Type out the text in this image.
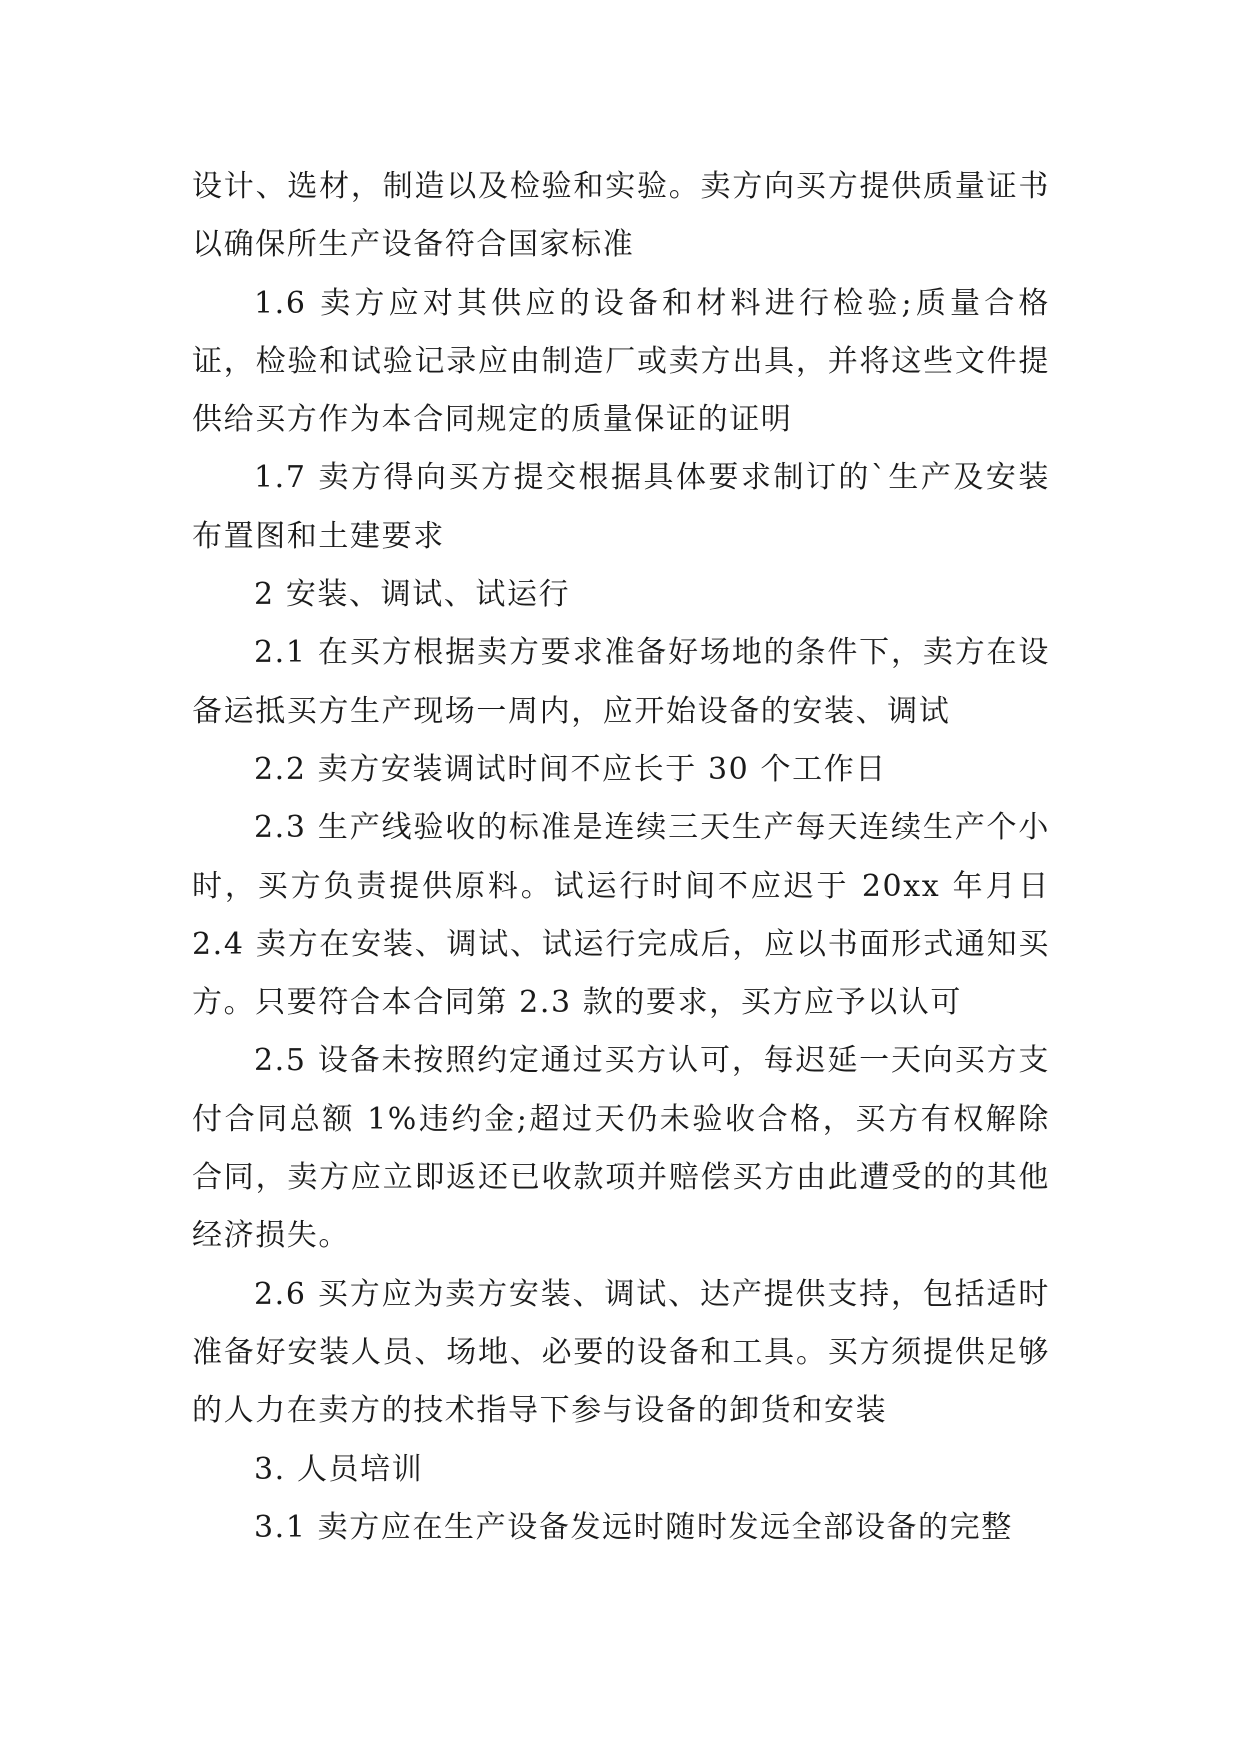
设计、选材，制造以及检验和实验。卖方向买方提供质量证书以确保所生产设备符合国家标准

1.6 卖方应对其供应的设备和材料进行检验;质量合格证，检验和试验记录应由制造厂或卖方出具，并将这些文件提供给买方作为本合同规定的质量保证的证明

1.7 卖方得向买方提交根据具体要求制订的`生产及安装布置图和土建要求

2 安装、调试、试运行

2.1 在买方根据卖方要求准备好场地的条件下，卖方在设备运抵买方生产现场一周内，应开始设备的安装、调试

2.2 卖方安装调试时间不应长于 30 个工作日

2.3 生产线验收的标准是连续三天生产每天连续生产个小时，买方负责提供原料。试运行时间不应迟于 20xx 年月日 2.4 卖方在安装、调试、试运行完成后，应以书面形式通知买方。只要符合本合同第 2.3 款的要求，买方应予以认可

2.5 设备未按照约定通过买方认可，每迟延一天向买方支付合同总额 1%违约金;超过天仍未验收合格，买方有权解除合同，卖方应立即返还已收款项并赔偿买方由此遭受的的其他经济损失。

2.6 买方应为卖方安装、调试、达产提供支持，包括适时准备好安装人员、场地、必要的设备和工具。买方须提供足够的人力在卖方的技术指导下参与设备的卸货和安装

3. 人员培训

3.1 卖方应在生产设备发远时随时发远全部设备的完整
